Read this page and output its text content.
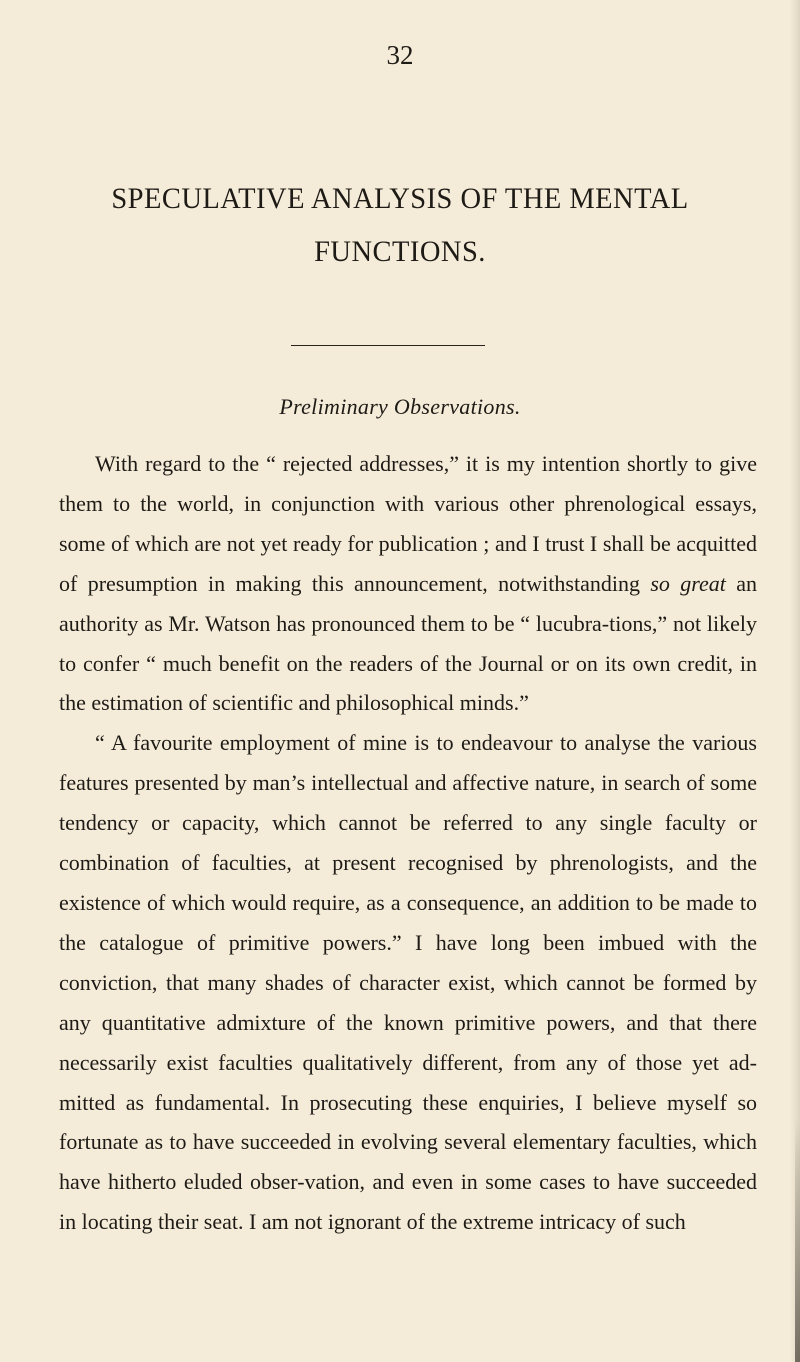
32
SPECULATIVE ANALYSIS OF THE MENTAL FUNCTIONS.
Preliminary Observations.

With regard to the “ rejected addresses,” it is my intention shortly to give them to the world, in conjunction with various other phrenological essays, some of which are not yet ready for publication ; and I trust I shall be acquitted of presumption in making this announcement, notwithstanding so great an authority as Mr. Watson has pronounced them to be “ lucubra-tions,” not likely to confer “ much benefit on the readers of the Journal or on its own credit, in the estimation of scientific and philosophical minds.”

“ A favourite employment of mine is to endeavour to analyse the various features presented by man’s intellectual and affective nature, in search of some tendency or capacity, which cannot be referred to any single faculty or combination of faculties, at present recognised by phrenologists, and the existence of which would require, as a consequence, an addition to be made to the catalogue of primitive powers.” I have long been imbued with the conviction, that many shades of character exist, which cannot be formed by any quantitative admixture of the known primitive powers, and that there necessarily exist faculties qualitatively different, from any of those yet ad-mitted as fundamental. In prosecuting these enquiries, I believe myself so fortunate as to have succeeded in evolving several elementary faculties, which have hitherto eluded obser-vation, and even in some cases to have succeeded in locating their seat. I am not ignorant of the extreme intricacy of such
